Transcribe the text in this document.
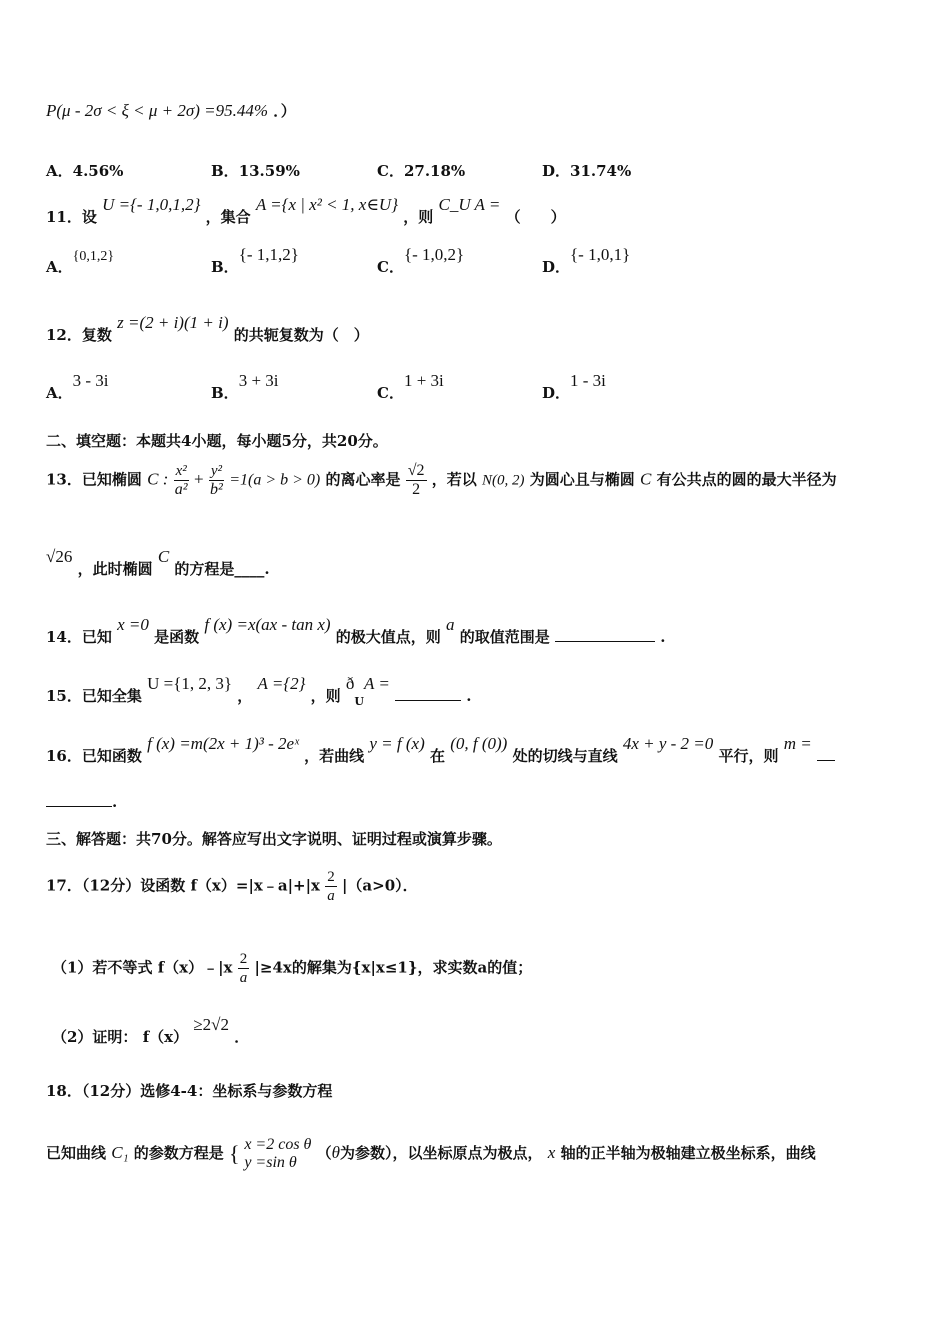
P(μ - 2σ < ξ < μ + 2σ) =95.44% ．）
A．4.56%	B．13.59%	C．27.18%	D．31.74%
11．设 U ={- 1,0,1,2} ，集合 A ={x | x² < 1, x∈U} ，则 C_U A = （　　）
A．{0,1,2}
B．{- 1,1,2}
C．{- 1,0,2}
D．{- 1,0,1}
12．复数 z =(2 + i)(1 + i) 的共轭复数为（　）
A．3 - 3i
B．3 + 3i
C．1 + 3i
D．1 - 3i
二、填空题：本题共4小题，每小题5分，共20分。
13．已知椭圆 C : $\frac{\text{x²}}{\text{a²}} + \frac{\text{y²}}{\text{b²}} =1(a > b > 0)$ 的离心率是 $\frac{√2}{2}$ ，若以 N(0, 2) 为圆心且与椭圆 C 有公共点的圆的最大半径为
√26 ，此时椭圆 C 的方程是____.
14．已知 x =0 是函数 f (x) =x(ax - tan x) 的极大值点，则 a 的取值范围是	.
15．已知全集 U ={1, 2, 3} ， A ={2} ，则 $ð_UA$ =  .
16．已知函数 f (x) =m(2x + 1)³ - 2eˣ ，若曲线 y = f (x) 在 (0, f (0)) 处的切线与直线 4x + y - 2 =0 平行，则 m =
.
三、解答题：共70分。解答应写出文字说明、证明过程或演算步骤。
17．（12分）设函数 f（x）=|x﹣a|+|x $\frac{2}{a} |(a>0)$．
（1）若不等式 f（x）﹣|x $\frac{2}{a} |\ge 4x$的解集为{x|x≤1}，求实数a的值；
（2）证明： f（x） ≥2√2 ．
18．（12分）选修4-4：坐标系与参数方程
已知曲线 C₁ 的参数方程是 { x =2 cos θ
y =sin θ
（θ为参数），以坐标原点为极点， x 轴的正半轴为极轴建立极坐标系，曲线
